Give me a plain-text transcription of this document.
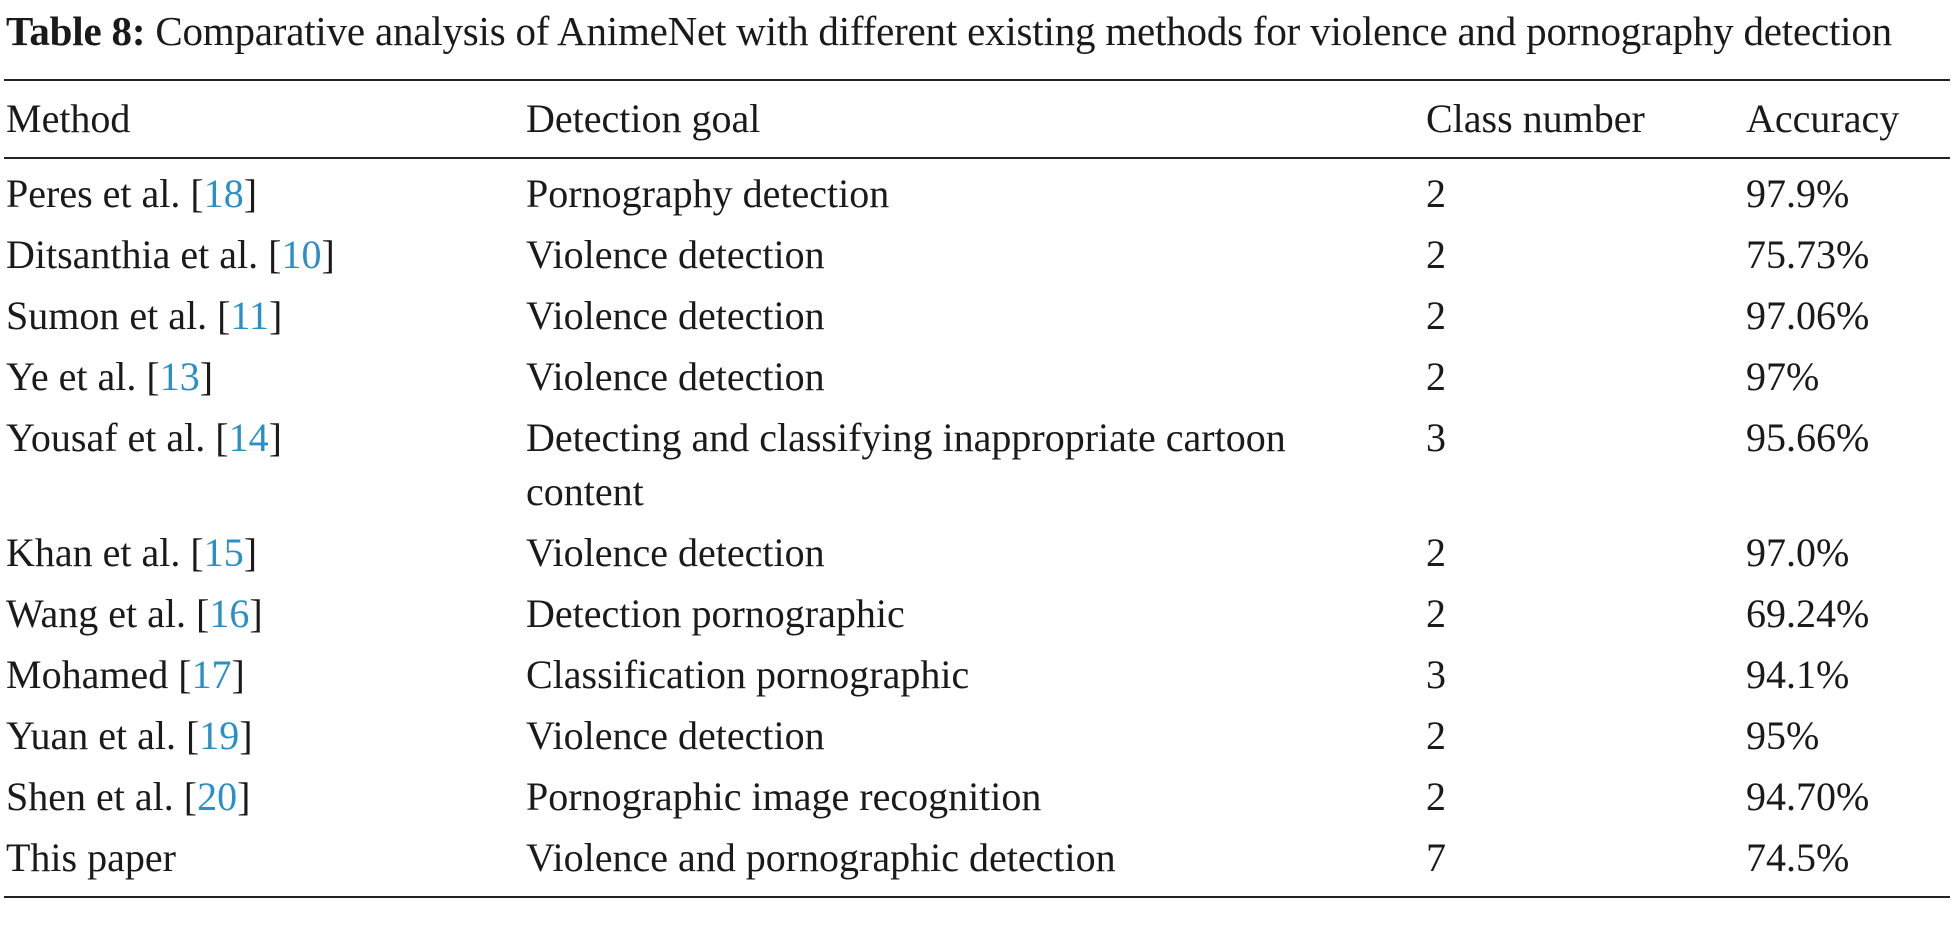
Table 8: Comparative analysis of AnimeNet with different existing methods for violence and pornography detection

Method	Detection goal	Class number	Accuracy
Peres et al. [18]	Pornography detection	2	97.9%
Ditsanthia et al. [10]	Violence detection	2	75.73%
Sumon et al. [11]	Violence detection	2	97.06%
Ye et al. [13]	Violence detection	2	97%
Yousaf et al. [14]	Detecting and classifying inappropriate cartoon content	3	95.66%
Khan et al. [15]	Violence detection	2	97.0%
Wang et al. [16]	Detection pornographic	2	69.24%
Mohamed [17]	Classification pornographic	3	94.1%
Yuan et al. [19]	Violence detection	2	95%
Shen et al. [20]	Pornographic image recognition	2	94.70%
This paper	Violence and pornographic detection	7	74.5%
